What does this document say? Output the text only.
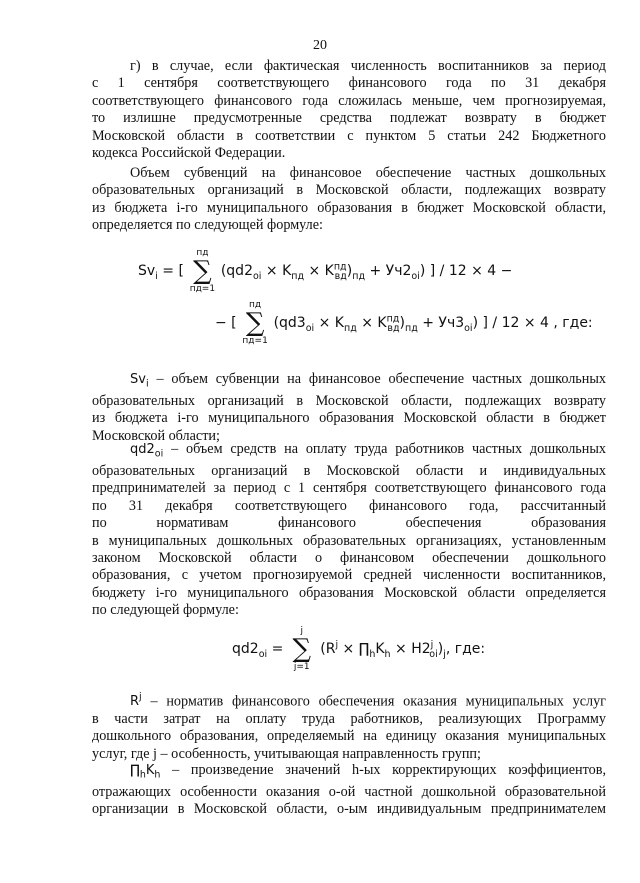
20
г) в случае, если фактическая численность воспитанников за период
с 1 сентября соответствующего финансового года по 31 декабря
соответствующего финансового года сложилась меньше, чем прогнозируемая,
то излишне предусмотренные средства подлежат возврату в бюджет
Московской области в соответствии с пунктом 5 статьи 242 Бюджетного
кодекса Российской Федерации.
Объем субвенций на финансовое обеспечение частных дошкольных
образовательных организаций в Московской области, подлежащих возврату
из бюджета i-го муниципального образования в бюджет Московской области,
определяется по следующей формуле:
$Sv_i$ = [
пд
∑
пд=1
$(qd2_{oi} \times K_{пд} \times K^{пд}_{вд})_{пд} + Уч2_{oi}$) ] / 12 × 4 −
− [
пд
∑
пд=1
$(qd3_{oi} \times K_{пд} \times K^{пд}_{вд})_{пд} + Уч3_{oi}$) ] / 12 × 4 , где:
$Sv_i$ – объем субвенции на финансовое обеспечение частных дошкольных
образовательных организаций в Московской области, подлежащих возврату
из бюджета i-го муниципального образования Московской области в бюджет
Московской области;
$qd2_{oi}$ – объем средств на оплату труда работников частных дошкольных
образовательных организаций в Московской области и индивидуальных
предпринимателей за период с 1 сентября соответствующего финансового года
по 31 декабря соответствующего финансового года, рассчитанный
по нормативам финансового обеспечения образования
в муниципальных дошкольных образовательных организациях, установленным
законом Московской области о финансовом обеспечении дошкольного
образования, с учетом прогнозируемой средней численности воспитанников,
бюджету i-го муниципального образования Московской области определяется
по следующей формуле:
$qd2_{oi}$ =
j
∑
j=1
($R^j$ × $\prod_hK_h \times Н2^j_{oi})_j$, где:
$R^j$ – норматив финансового обеспечения оказания муниципальных услуг
в части затрат на оплату труда работников, реализующих Программу
дошкольного образования, определяемый на единицу оказания муниципальных
услуг, где j – особенность, учитывающая направленность групп;
$\prod_hK_h$ – произведение значений h-ых корректирующих коэффициентов,
отражающих особенности оказания о-ой частной дошкольной образовательной
организации в Московской области, о-ым индивидуальным предпринимателем
